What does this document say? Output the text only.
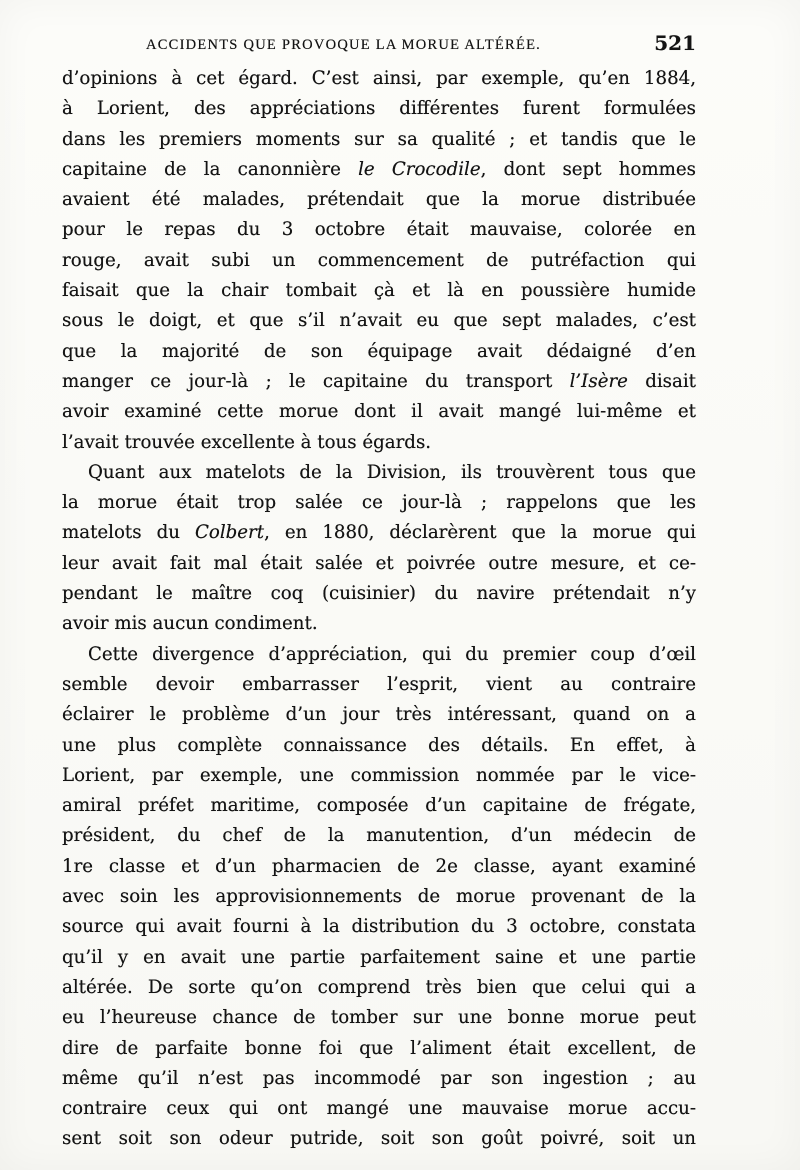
ACCIDENTS QUE PROVOQUE LA MORUE ALTÉRÉE.	521
d’opinions à cet égard. C’est ainsi, par exemple, qu’en 1884,
à Lorient, des appréciations différentes furent formulées
dans les premiers moments sur sa qualité ; et tandis que le
capitaine de la canonnière le Crocodile, dont sept hommes
avaient été malades, prétendait que la morue distribuée
pour le repas du 3 octobre était mauvaise, colorée en
rouge, avait subi un commencement de putréfaction qui
faisait que la chair tombait çà et là en poussière humide
sous le doigt, et que s’il n’avait eu que sept malades, c’est
que la majorité de son équipage avait dédaigné d’en
manger ce jour-là ; le capitaine du transport l’Isère disait
avoir examiné cette morue dont il avait mangé lui-même et
l’avait trouvée excellente à tous égards.
Quant aux matelots de la Division, ils trouvèrent tous que
la morue était trop salée ce jour-là ; rappelons que les
matelots du Colbert, en 1880, déclarèrent que la morue qui
leur avait fait mal était salée et poivrée outre mesure, et ce-
pendant le maître coq (cuisinier) du navire prétendait n’y
avoir mis aucun condiment.
Cette divergence d’appréciation, qui du premier coup d’œil
semble devoir embarrasser l’esprit, vient au contraire
éclairer le problème d’un jour très intéressant, quand on a
une plus complète connaissance des détails. En effet, à
Lorient, par exemple, une commission nommée par le vice-
amiral préfet maritime, composée d’un capitaine de frégate,
président, du chef de la manutention, d’un médecin de
1re classe et d’un pharmacien de 2e classe, ayant examiné
avec soin les approvisionnements de morue provenant de la
source qui avait fourni à la distribution du 3 octobre, constata
qu’il y en avait une partie parfaitement saine et une partie
altérée. De sorte qu’on comprend très bien que celui qui a
eu l’heureuse chance de tomber sur une bonne morue peut
dire de parfaite bonne foi que l’aliment était excellent, de
même qu’il n’est pas incommodé par son ingestion ; au
contraire ceux qui ont mangé une mauvaise morue accu-
sent soit son odeur putride, soit son goût poivré, soit un
